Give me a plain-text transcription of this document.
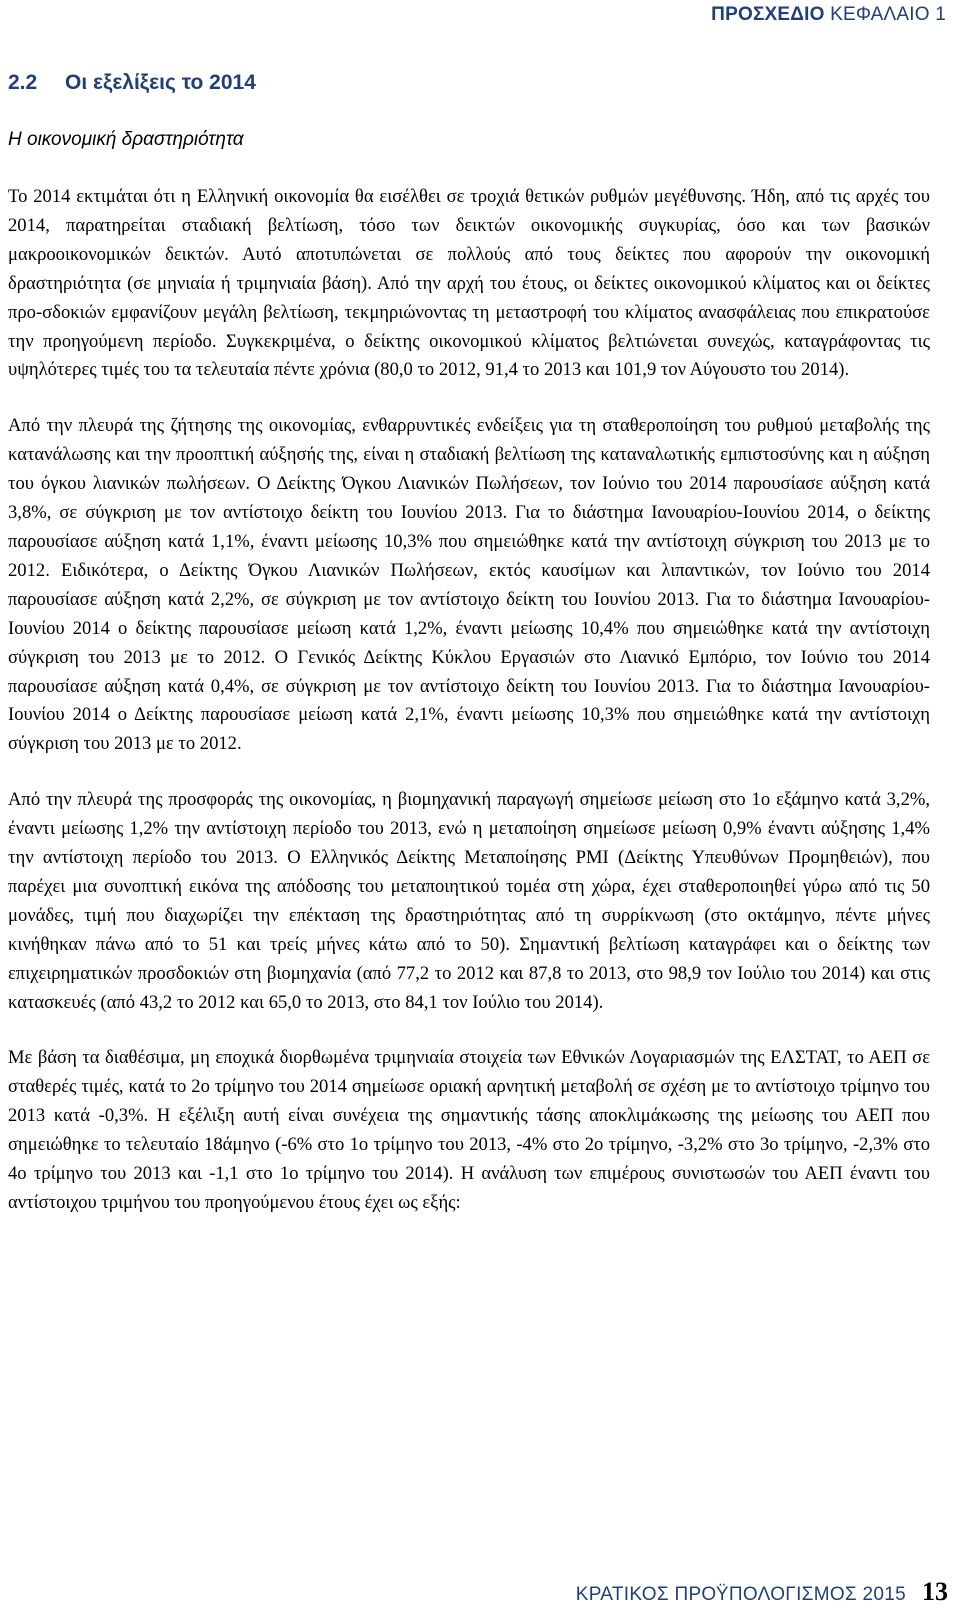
ΠΡΟΣΧΕΔΙΟ ΚΕΦΑΛΑΙΟ 1
2.2 Οι εξελίξεις το 2014
Η οικονομική δραστηριότητα

Το 2014 εκτιμάται ότι η Ελληνική οικονομία θα εισέλθει σε τροχιά θετικών ρυθμών μεγέθυνσης. Ήδη, από τις αρχές του 2014, παρατηρείται σταδιακή βελτίωση, τόσο των δεικτών οικονομικής συγκυρίας, όσο και των βασικών μακροοικονομικών δεικτών. Αυτό αποτυπώνεται σε πολλούς από τους δείκτες που αφορούν την οικονομική δραστηριότητα (σε μηνιαία ή τριμηνιαία βάση). Από την αρχή του έτους, οι δείκτες οικονομικού κλίματος και οι δείκτες προ-σδοκιών εμφανίζουν μεγάλη βελτίωση, τεκμηριώνοντας τη μεταστροφή του κλίματος ανασφάλειας που επικρατούσε την προηγούμενη περίοδο. Συγκεκριμένα, ο δείκτης οικονομικού κλίματος βελτιώνεται συνεχώς, καταγράφοντας τις υψηλότερες τιμές του τα τελευταία πέντε χρόνια (80,0 το 2012, 91,4 το 2013 και 101,9 τον Αύγουστο του 2014).

Από την πλευρά της ζήτησης της οικονομίας, ενθαρρυντικές ενδείξεις για τη σταθεροποίηση του ρυθμού μεταβολής της κατανάλωσης και την προοπτική αύξησής της, είναι η σταδιακή βελτίωση της καταναλωτικής εμπιστοσύνης και η αύξηση του όγκου λιανικών πωλήσεων. Ο Δείκτης Όγκου Λιανικών Πωλήσεων, τον Ιούνιο του 2014 παρουσίασε αύξηση κατά 3,8%, σε σύγκριση με τον αντίστοιχο δείκτη του Ιουνίου 2013. Για το διάστημα Ιανουαρίου-Ιουνίου 2014, ο δείκτης παρουσίασε αύξηση κατά 1,1%, έναντι μείωσης 10,3% που σημειώθηκε κατά την αντίστοιχη σύγκριση του 2013 με το 2012. Ειδικότερα, ο Δείκτης Όγκου Λιανικών Πωλήσεων, εκτός καυσίμων και λιπαντικών, τον Ιούνιο του 2014 παρουσίασε αύξηση κατά 2,2%, σε σύγκριση με τον αντίστοιχο δείκτη του Ιουνίου 2013. Για το διάστημα Ιανουαρίου-Ιουνίου 2014 ο δείκτης παρουσίασε μείωση κατά 1,2%, έναντι μείωσης 10,4% που σημειώθηκε κατά την αντίστοιχη σύγκριση του 2013 με το 2012. Ο Γενικός Δείκτης Κύκλου Εργασιών στο Λιανικό Εμπόριο, τον Ιούνιο του 2014 παρουσίασε αύξηση κατά 0,4%, σε σύγκριση με τον αντίστοιχο δείκτη του Ιουνίου 2013. Για το διάστημα Ιανουαρίου-Ιουνίου 2014 ο Δείκτης παρουσίασε μείωση κατά 2,1%, έναντι μείωσης 10,3% που σημειώθηκε κατά την αντίστοιχη σύγκριση του 2013 με το 2012.

Από την πλευρά της προσφοράς της οικονομίας, η βιομηχανική παραγωγή σημείωσε μείωση στο 1ο εξάμηνο κατά 3,2%, έναντι μείωσης 1,2% την αντίστοιχη περίοδο του 2013, ενώ η μεταποίηση σημείωσε μείωση 0,9% έναντι αύξησης 1,4% την αντίστοιχη περίοδο του 2013. Ο Ελληνικός Δείκτης Μεταποίησης PMI (Δείκτης Υπευθύνων Προμηθειών), που παρέχει μια συνοπτική εικόνα της απόδοσης του μεταποιητικού τομέα στη χώρα, έχει σταθεροποιηθεί γύρω από τις 50 μονάδες, τιμή που διαχωρίζει την επέκταση της δραστηριότητας από τη συρρίκνωση (στο οκτάμηνο, πέντε μήνες κινήθηκαν πάνω από το 51 και τρείς μήνες κάτω από το 50). Σημαντική βελτίωση καταγράφει και ο δείκτης των επιχειρηματικών προσδοκιών στη βιομηχανία (από 77,2 το 2012 και 87,8 το 2013, στο 98,9 τον Ιούλιο του 2014) και στις κατασκευές (από 43,2 το 2012 και 65,0 το 2013, στο 84,1 τον Ιούλιο του 2014).

Με βάση τα διαθέσιμα, μη εποχικά διορθωμένα τριμηνιαία στοιχεία των Εθνικών Λογαριασμών της ΕΛΣΤΑΤ, το ΑΕΠ σε σταθερές τιμές, κατά το 2ο τρίμηνο του 2014 σημείωσε οριακή αρνητική μεταβολή σε σχέση με το αντίστοιχο τρίμηνο του 2013 κατά -0,3%. Η εξέλιξη αυτή είναι συνέχεια της σημαντικής τάσης αποκλιμάκωσης της μείωσης του ΑΕΠ που σημειώθηκε το τελευταίο 18άμηνο (-6% στο 1ο τρίμηνο του 2013, -4% στο 2ο τρίμηνο, -3,2% στο 3ο τρίμηνο, -2,3% στο 4ο τρίμηνο του 2013 και -1,1 στο 1ο τρίμηνο του 2014). Η ανάλυση των επιμέρους συνιστωσών του ΑΕΠ έναντι του αντίστοιχου τριμήνου του προηγούμενου έτους έχει ως εξής:

ΚΡΑΤΙΚΟΣ ΠΡΟΫΠΟΛΟΓΙΣΜΟΣ 2015 13
